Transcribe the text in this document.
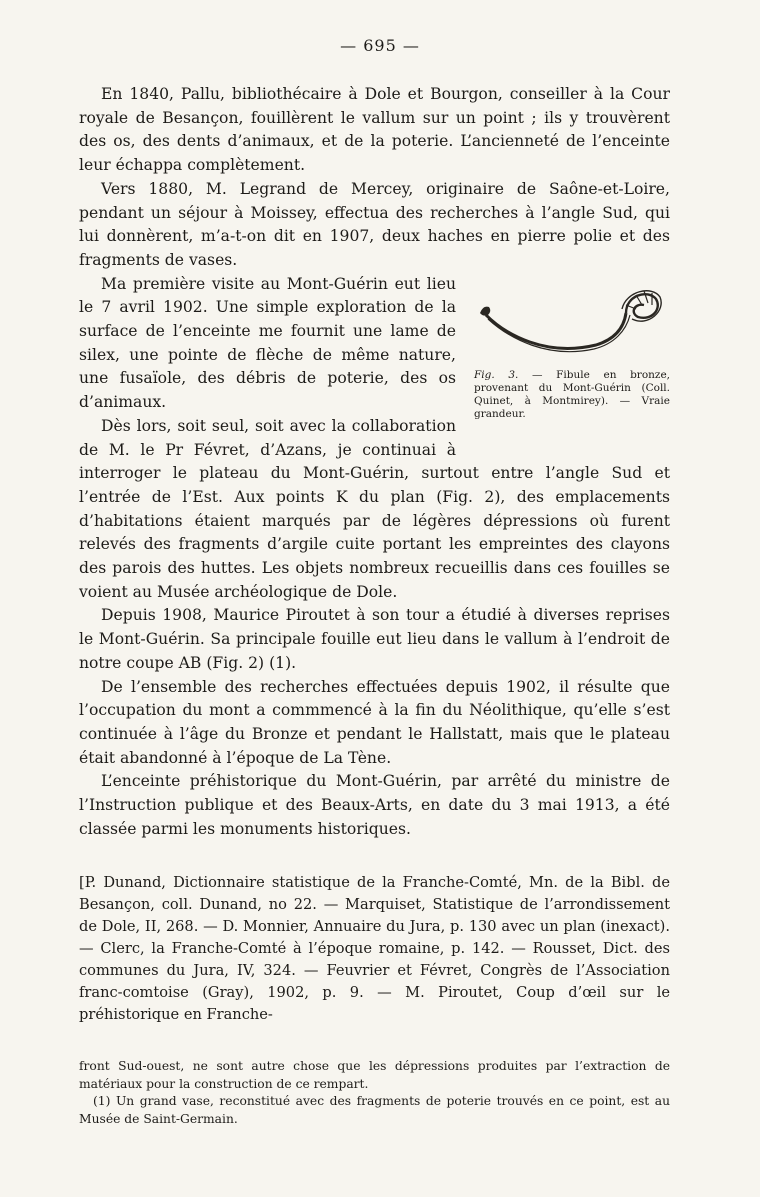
— 695 —

En 1840, Pallu, bibliothécaire à Dole et Bourgon, conseiller à la Cour royale de Besançon, fouillèrent le vallum sur un point ; ils y trouvèrent des os, des dents d’animaux, et de la poterie. L’ancienneté de l’enceinte leur échappa complètement.

Vers 1880, M. Legrand de Mercey, originaire de Saône-et-Loire, pendant un séjour à Moissey, effectua des recherches à l’angle Sud, qui lui donnèrent, m’a-t-on dit en 1907, deux haches en pierre polie et des fragments de vases.

Fig. 3. — Fibule en bronze, provenant du Mont-Guérin (Coll. Quinet, à Montmirey). — Vraie grandeur.

Ma première visite au Mont-Guérin eut lieu le 7 avril 1902. Une simple exploration de la surface de l’enceinte me fournit une lame de silex, une pointe de flèche de même nature, une fusaïole, des débris de poterie, des os d’animaux.

Dès lors, soit seul, soit avec la collaboration de M. le Pr Févret, d’Azans, je continuai à interroger le plateau du Mont-Guérin, surtout entre l’angle Sud et l’entrée de l’Est. Aux points K du plan (Fig. 2), des emplacements d’habitations étaient marqués par de légères dépressions où furent relevés des fragments d’argile cuite portant les empreintes des clayons des parois des huttes. Les objets nombreux recueillis dans ces fouilles se voient au Musée archéologique de Dole.

Depuis 1908, Maurice Piroutet à son tour a étudié à diverses reprises le Mont-Guérin. Sa principale fouille eut lieu dans le vallum à l’endroit de notre coupe AB (Fig. 2) (1).

De l’ensemble des recherches effectuées depuis 1902, il résulte que l’occupation du mont a commmencé à la fin du Néolithique, qu’elle s’est continuée à l’âge du Bronze et pendant le Hallstatt, mais que le plateau était abandonné à l’époque de La Tène.

L’enceinte préhistorique du Mont-Guérin, par arrêté du ministre de l’Instruction publique et des Beaux-Arts, en date du 3 mai 1913, a été classée parmi les monuments historiques.

[P. Dunand, Dictionnaire statistique de la Franche-Comté, Mn. de la Bibl. de Besançon, coll. Dunand, no 22. — Marquiset, Statistique de l’arrondissement de Dole, II, 268. — D. Monnier, Annuaire du Jura, p. 130 avec un plan (inexact). — Clerc, la Franche-Comté à l’époque romaine, p. 142. — Rousset, Dict. des communes du Jura, IV, 324. — Feuvrier et Févret, Congrès de l’Association franc-comtoise (Gray), 1902, p. 9. — M. Piroutet, Coup d’œil sur le préhistorique en Franche-

front Sud-ouest, ne sont autre chose que les dépressions produites par l’extraction de matériaux pour la construction de ce rempart.

(1) Un grand vase, reconstitué avec des fragments de poterie trouvés en ce point, est au Musée de Saint-Germain.
